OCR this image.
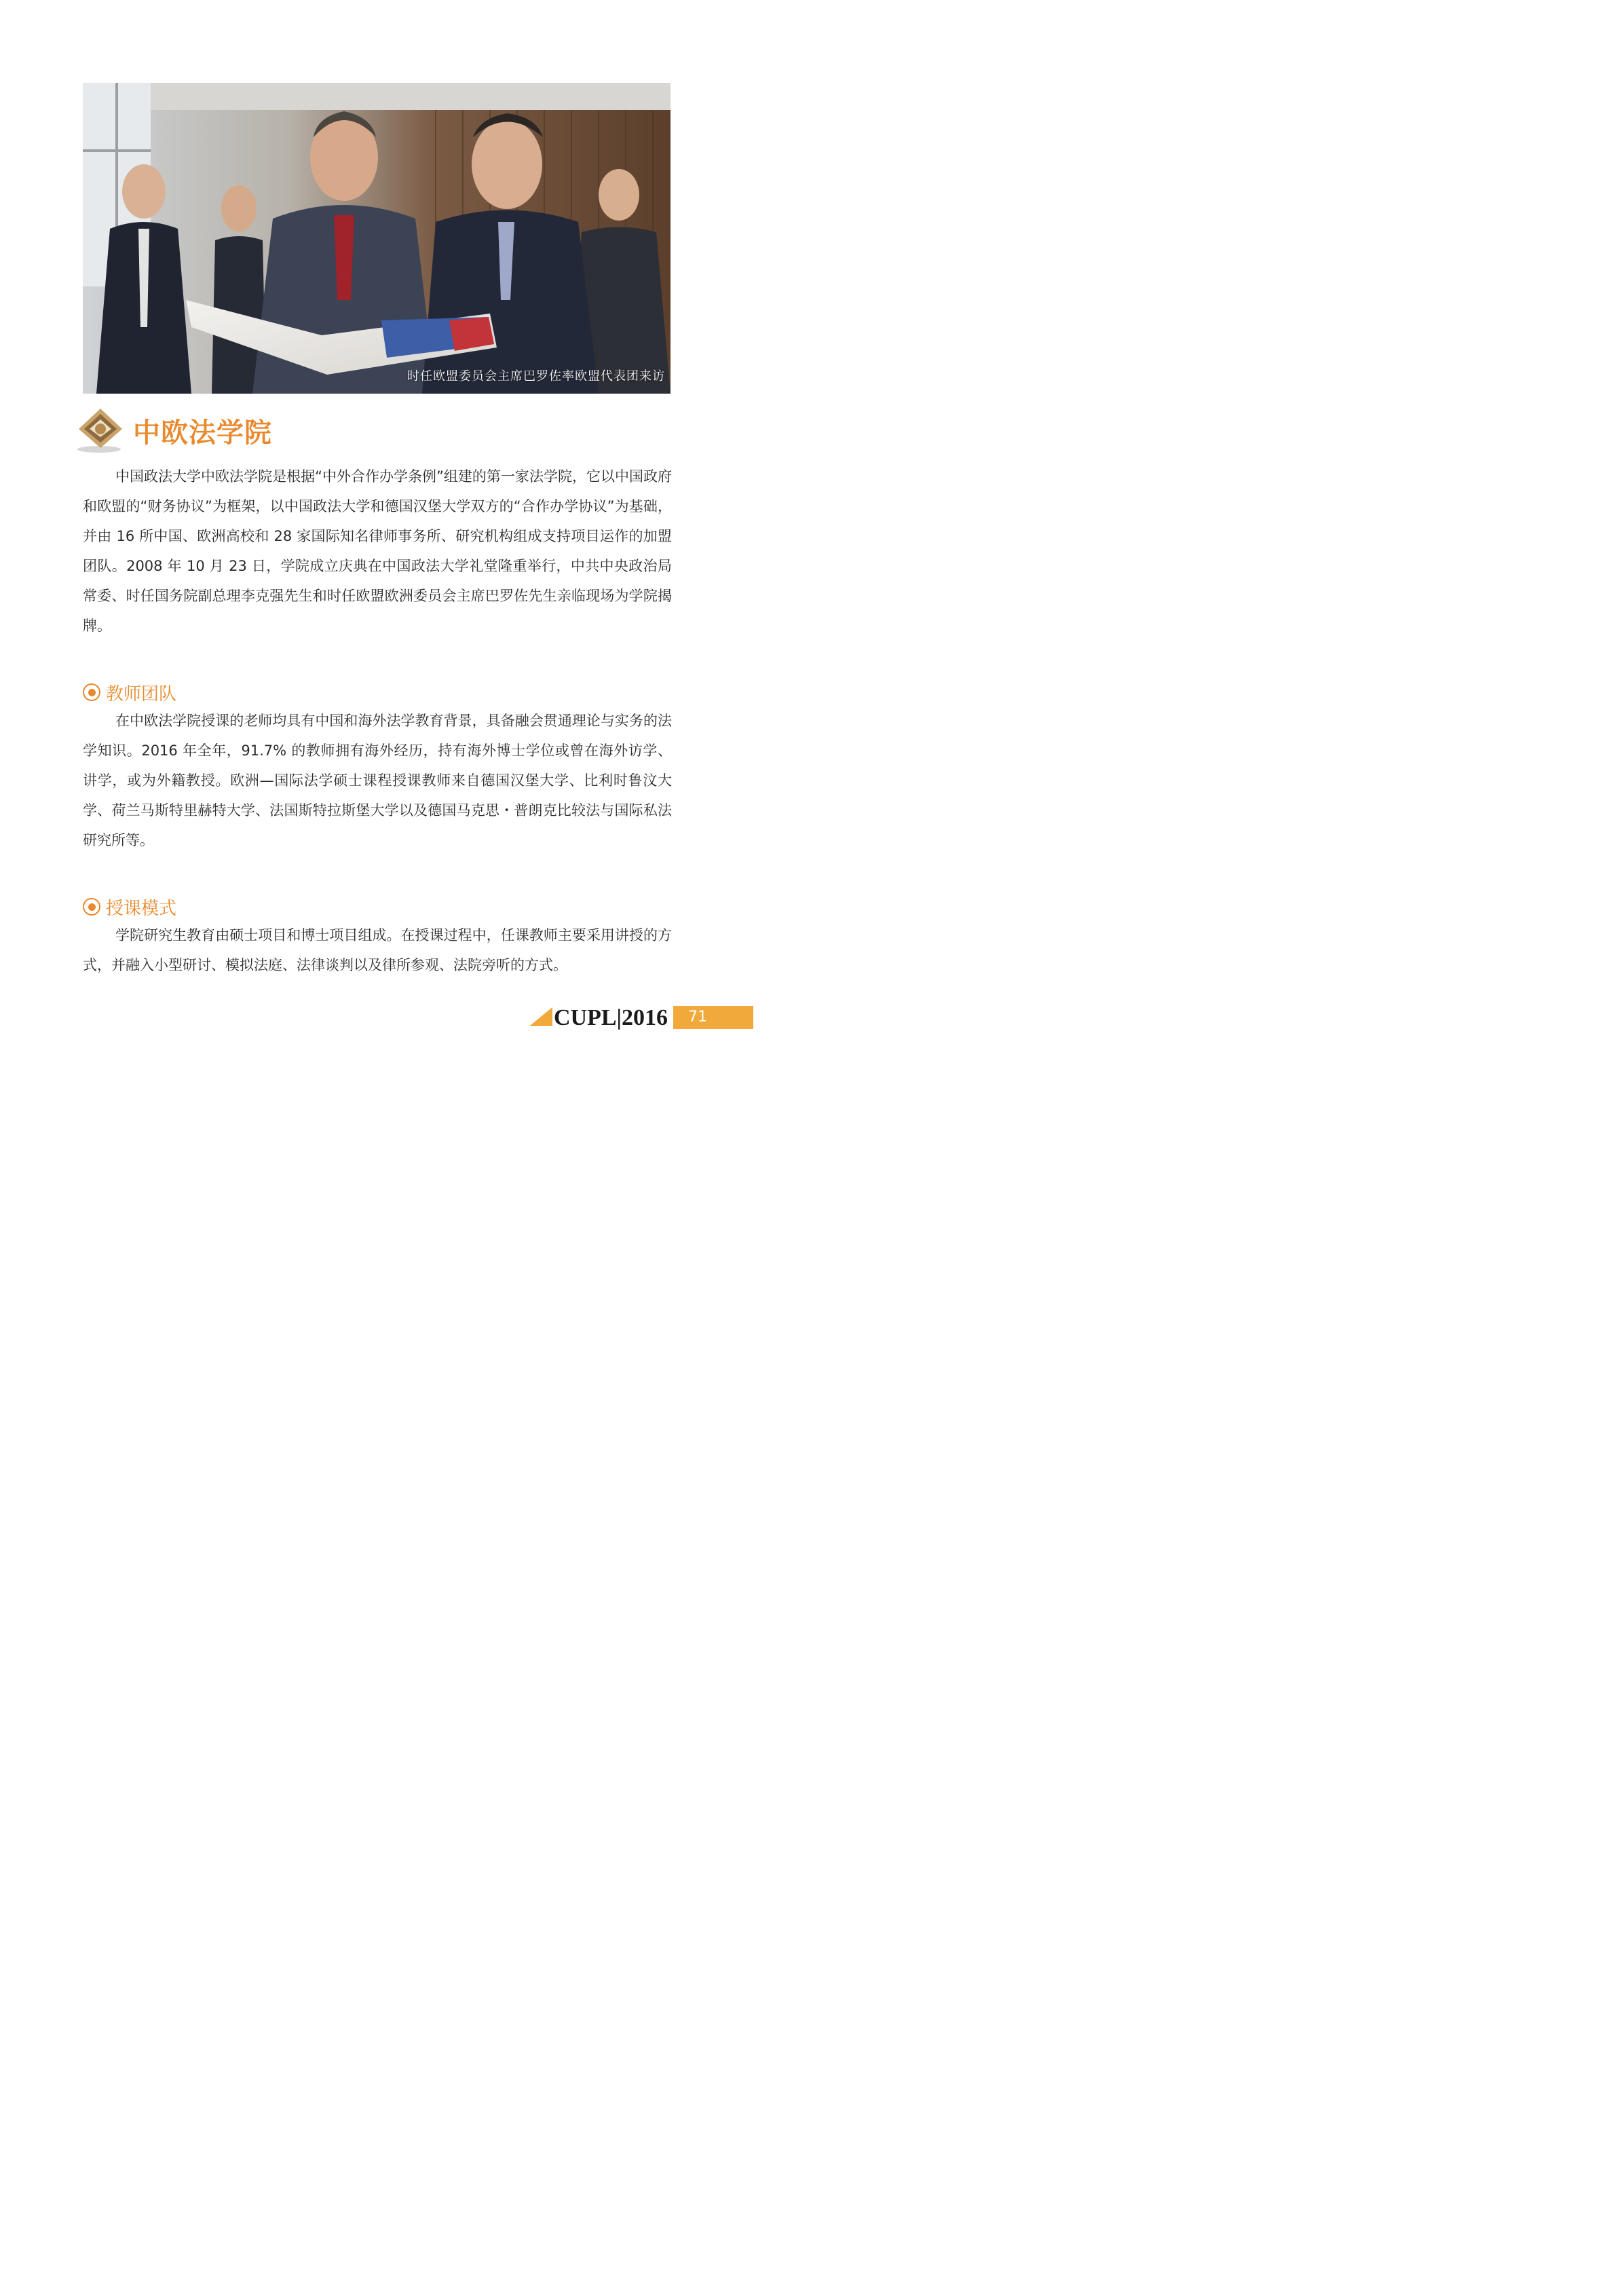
时任欧盟委员会主席巴罗佐率欧盟代表团来访
中欧法学院

中国政法大学中欧法学院是根据“中外合作办学条例”组建的第一家法学院，它以中国政府和欧盟的“财务协议”为框架，以中国政法大学和德国汉堡大学双方的“合作办学协议”为基础，并由 16 所中国、欧洲高校和 28 家国际知名律师事务所、研究机构组成支持项目运作的加盟团队。2008 年 10 月 23 日，学院成立庆典在中国政法大学礼堂隆重举行，中共中央政治局常委、时任国务院副总理李克强先生和时任欧盟欧洲委员会主席巴罗佐先生亲临现场为学院揭牌。

教师团队

在中欧法学院授课的老师均具有中国和海外法学教育背景，具备融会贯通理论与实务的法学知识。2016 年全年，91.7% 的教师拥有海外经历，持有海外博士学位或曾在海外访学、讲学，或为外籍教授。欧洲—国际法学硕士课程授课教师来自德国汉堡大学、比利时鲁汶大学、荷兰马斯特里赫特大学、法国斯特拉斯堡大学以及德国马克思・普朗克比较法与国际私法研究所等。

授课模式

学院研究生教育由硕士项目和博士项目组成。在授课过程中，任课教师主要采用讲授的方式，并融入小型研讨、模拟法庭、法律谈判以及律所参观、法院旁听的方式。

CUPL|2016	71
